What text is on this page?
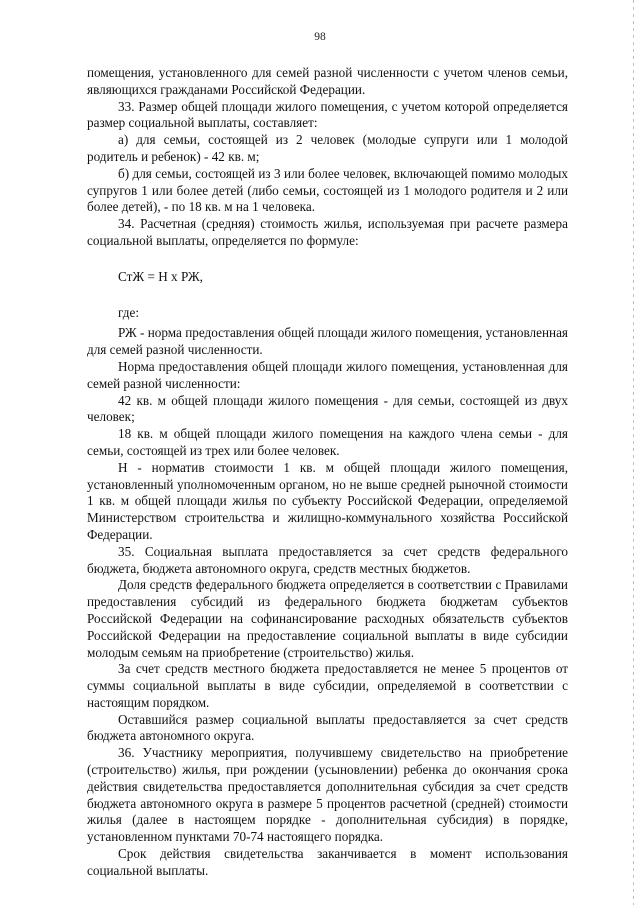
98

помещения, установленного для семей разной численности с учетом членов семьи, являющихся гражданами Российской Федерации.

33. Размер общей площади жилого помещения, с учетом которой определяется размер социальной выплаты, составляет:

а) для семьи, состоящей из 2 человек (молодые супруги или 1 молодой родитель и ребенок) - 42 кв. м;

б) для семьи, состоящей из 3 или более человек, включающей помимо молодых супругов 1 или более детей (либо семьи, состоящей из 1 молодого родителя и 2 или более детей), - по 18 кв. м на 1 человека.

34. Расчетная (средняя) стоимость жилья, используемая при расчете размера социальной выплаты, определяется по формуле:

СтЖ = Н х РЖ,

где:

РЖ - норма предоставления общей площади жилого помещения, установленная для семей разной численности.

Норма предоставления общей площади жилого помещения, установленная для семей разной численности:

42 кв. м общей площади жилого помещения - для семьи, состоящей из двух человек;

18 кв. м общей площади жилого помещения на каждого члена семьи - для семьи, состоящей из трех или более человек.

Н - норматив стоимости 1 кв. м общей площади жилого помещения, установленный уполномоченным органом, но не выше средней рыночной стоимости 1 кв. м общей площади жилья по субъекту Российской Федерации, определяемой Министерством строительства и жилищно-коммунального хозяйства Российской Федерации.

35. Социальная выплата предоставляется за счет средств федерального бюджета, бюджета автономного округа, средств местных бюджетов.

Доля средств федерального бюджета определяется в соответствии с Правилами предоставления субсидий из федерального бюджета бюджетам субъектов Российской Федерации на софинансирование расходных обязательств субъектов Российской Федерации на предоставление социальной выплаты в виде субсидии молодым семьям на приобретение (строительство) жилья.

За счет средств местного бюджета предоставляется не менее 5 процентов от суммы социальной выплаты в виде субсидии, определяемой в соответствии с настоящим порядком.

Оставшийся размер социальной выплаты предоставляется за счет средств бюджета автономного округа.

36. Участнику мероприятия, получившему свидетельство на приобретение (строительство) жилья, при рождении (усыновлении) ребенка до окончания срока действия свидетельства предоставляется дополнительная субсидия за счет средств бюджета автономного округа в размере 5 процентов расчетной (средней) стоимости жилья (далее в настоящем порядке - дополнительная субсидия) в порядке, установленном пунктами 70-74 настоящего порядка.

Срок действия свидетельства заканчивается в момент использования социальной выплаты.
